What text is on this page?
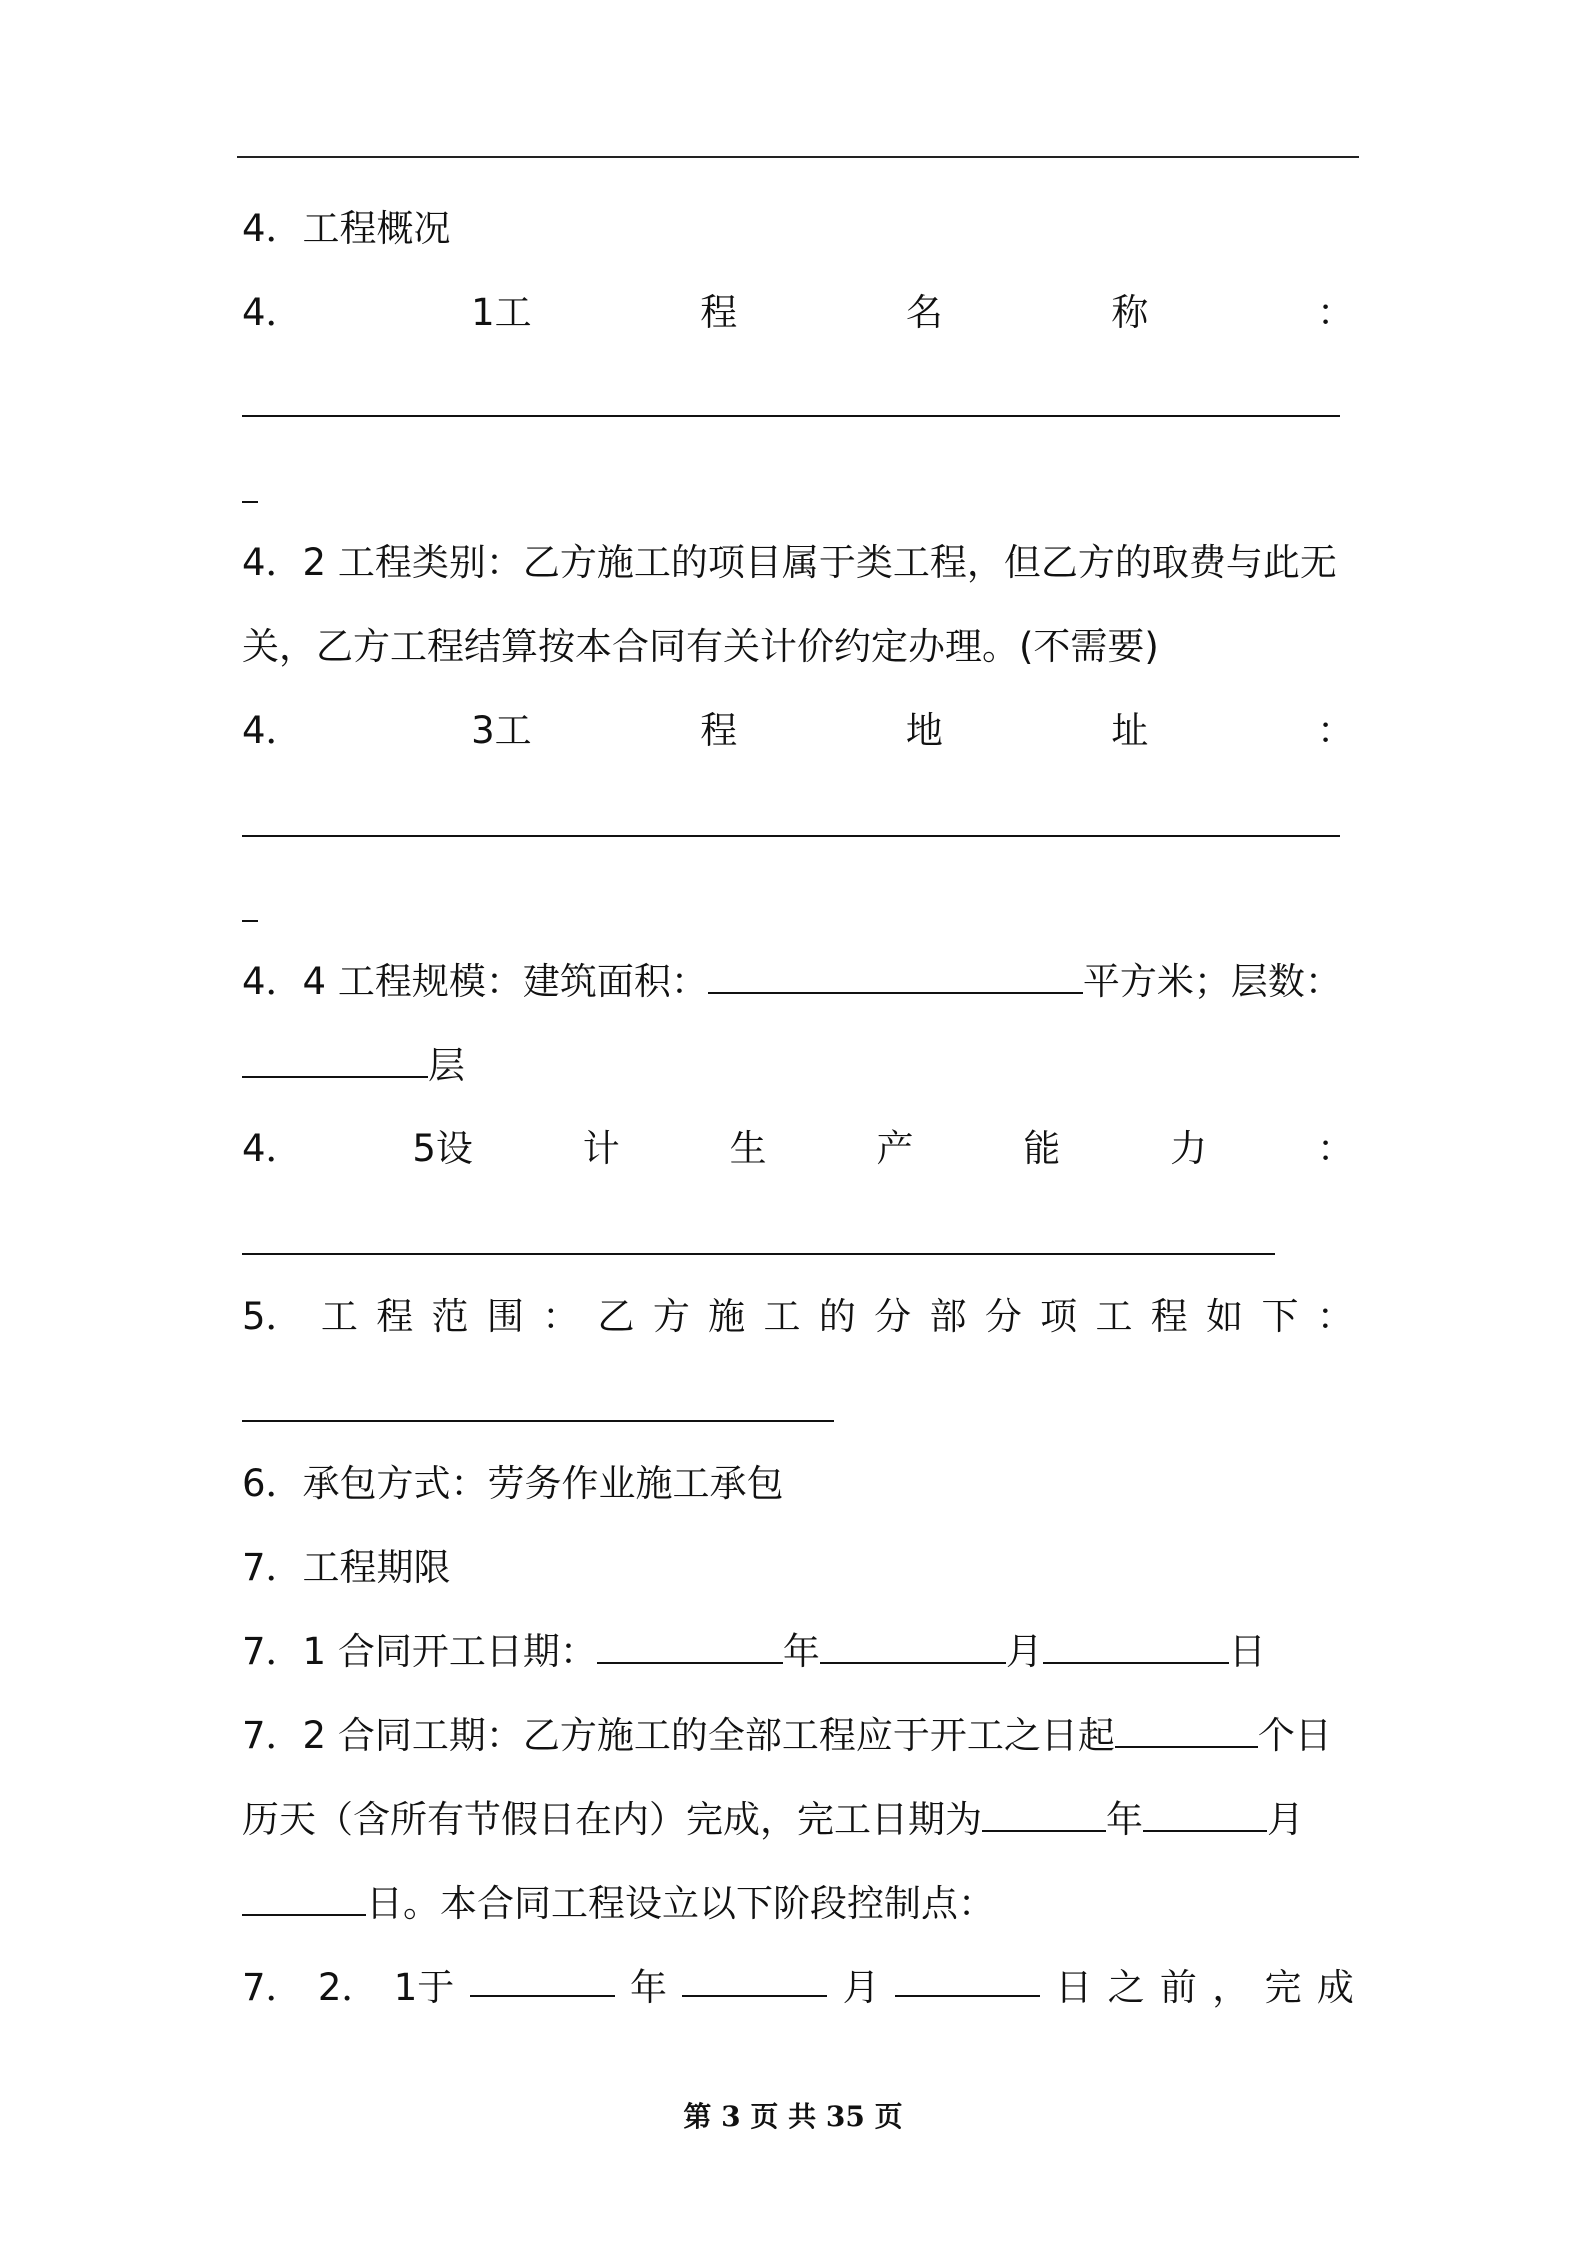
4．工程概况
4．	1工	程	名	称	：
4．2 工程类别：乙方施工的项目属于类工程，但乙方的取费与此无
关，乙方工程结算按本合同有关计价约定办理。(不需要)
4．	3工	程	地	址	：
4．4 工程规模：建筑面积：	平方米；层数：
层
4．	5设	计	生	产	能	力	：
5． 工 程 范 围 ： 乙 方 施 工 的 分 部 分 项 工 程 如 下 ：
6．承包方式：劳务作业施工承包
7．工程期限
7．1 合同开工日期：	年	月	日
7．2 合同工期：乙方施工的全部工程应于开工之日起	个日
历天（含所有节假日在内）完成，完工日期为	年	月
日。本合同工程设立以下阶段控制点：
7． 2． 1于	年	月	日 之 前 ， 完 成
第 3 页 共 35 页
